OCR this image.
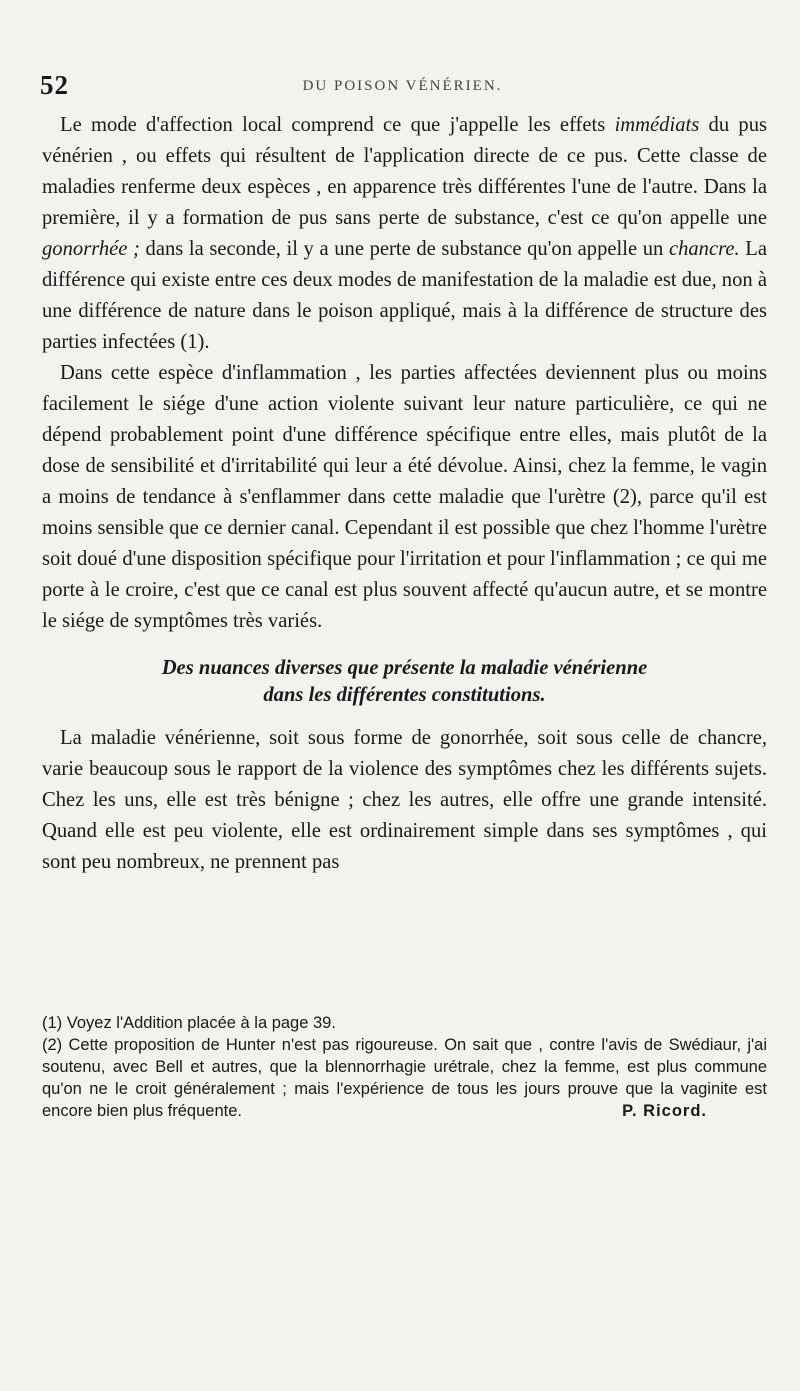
52	DU POISON VÉNÉRIEN.

Le mode d'affection local comprend ce que j'appelle les effets immédiats du pus vénérien , ou effets qui résultent de l'application directe de ce pus. Cette classe de maladies renferme deux espèces , en apparence très différentes l'une de l'autre. Dans la première, il y a formation de pus sans perte de substance, c'est ce qu'on appelle une gonorrhée ; dans la seconde, il y a une perte de substance qu'on appelle un chancre. La différence qui existe entre ces deux modes de manifestation de la maladie est due, non à une différence de nature dans le poison appliqué, mais à la différence de structure des parties infectées (1).

Dans cette espèce d'inflammation , les parties affectées deviennent plus ou moins facilement le siége d'une action violente suivant leur nature particulière, ce qui ne dépend probablement point d'une différence spécifique entre elles, mais plutôt de la dose de sensibilité et d'irritabilité qui leur a été dévolue. Ainsi, chez la femme, le vagin a moins de tendance à s'enflammer dans cette maladie que l'urètre (2), parce qu'il est moins sensible que ce dernier canal. Cependant il est possible que chez l'homme l'urètre soit doué d'une disposition spécifique pour l'irritation et pour l'inflammation ; ce qui me porte à le croire, c'est que ce canal est plus souvent affecté qu'aucun autre, et se montre le siége de symptômes très variés.

Des nuances diverses que présente la maladie vénérienne
dans les différentes constitutions.

La maladie vénérienne, soit sous forme de gonorrhée, soit sous celle de chancre, varie beaucoup sous le rapport de la violence des symptômes chez les différents sujets. Chez les uns, elle est très bénigne ; chez les autres, elle offre une grande intensité. Quand elle est peu violente, elle est ordinairement simple dans ses symptômes , qui sont peu nombreux, ne prennent pas

(1) Voyez l'Addition placée à la page 39.

(2) Cette proposition de Hunter n'est pas rigoureuse. On sait que , contre l'avis de Swédiaur, j'ai soutenu, avec Bell et autres, que la blennorrhagie urétrale, chez la femme, est plus commune qu'on ne le croit généralement ; mais l'expérience de tous les jours prouve que la vaginite est encore bien plus fréquente.	P. Ricord.
